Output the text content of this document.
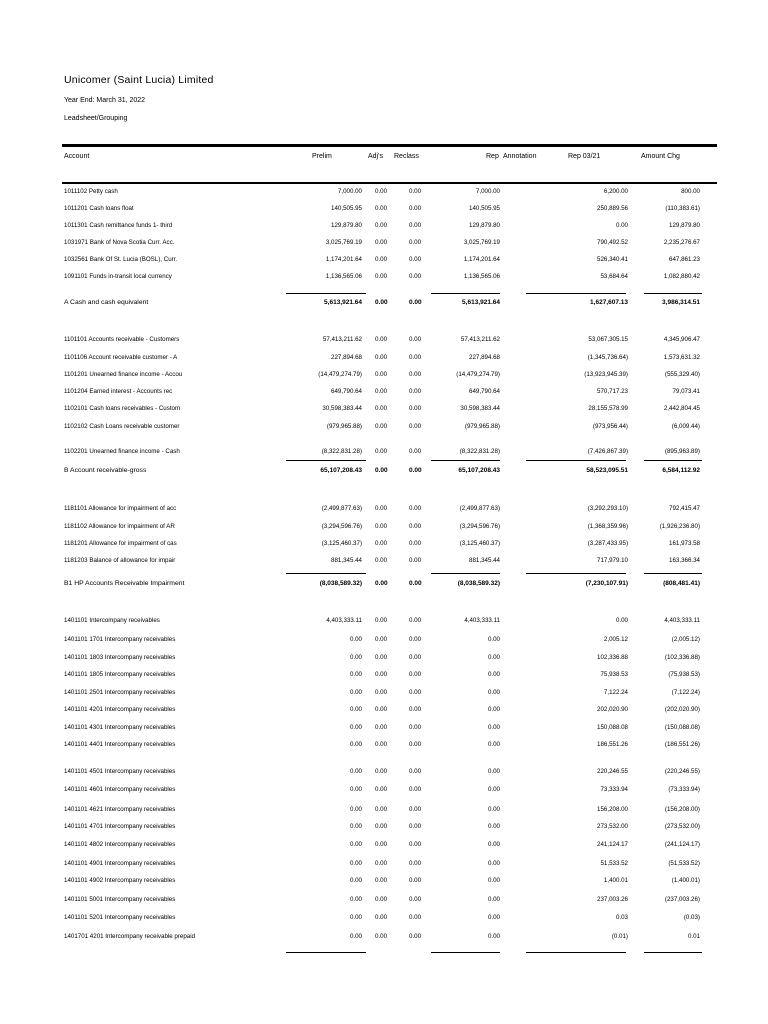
Unicomer (Saint Lucia) Limited
Year End: March 31, 2022
Leadsheet/Grouping
Account	Prelim	Adj's Reclass	Rep Annotation	Rep 03/21	Amount Chg
1011102 Petty cash	7,000.00 0.00	0.00	7,000.00	6,200.00	800.00
1011201 Cash loans float	140,505.95 0.00	0.00	140,505.95	250,889.56	(110,383.61)
1011301 Cash remittance funds 1- third	129,879.80 0.00	0.00	129,879.80	0.00	129,879.80
1031971 Bank of Nova Scotia Curr. Acc.	3,025,769.19 0.00	0.00	3,025,769.19	790,492.52	2,235,276.67
1032561 Bank Of St. Lucia (BOSL), Curr.	1,174,201.64 0.00	0.00	1,174,201.64	526,340.41	647,861.23
1091101 Funds in-transit local currency	1,136,565.06 0.00	0.00	1,136,565.06	53,684.64	1,082,880.42
A Cash and cash equivalent	5,613,921.64 0.00	0.00	5,613,921.64	1,627,607.13	3,986,314.51
1101101 Accounts receivable - Customers	57,413,211.62 0.00	0.00	57,413,211.62	53,067,305.15	4,345,906.47
1101106 Account receivable customer - A	227,894.68 0.00	0.00	227,894.68	(1,345,736.64)	1,573,631.32
1101201 Unearned finance income - Accou	(14,479,274.79) 0.00	0.00	(14,479,274.79)	(13,923,945.39)	(555,329.40)
1101204 Earned interest - Accounts rec	649,790.64 0.00	0.00	649,790.64	570,717.23	79,073.41
1102101 Cash loans receivables - Custom	30,598,383.44 0.00	0.00	30,598,383.44	28,155,578.99	2,442,804.45
1102102 Cash Loans receivable customer	(979,965.88) 0.00	0.00	(979,965.88)	(973,956.44)	(6,009.44)
1102201 Unearned finance income - Cash	(8,322,831.28) 0.00	0.00	(8,322,831.28)	(7,426,867.39)	(895,963.89)
B Account receivable-gross	65,107,208.43 0.00	0.00	65,107,208.43	58,523,095.51	6,584,112.92
1181101 Allowance for impairment of acc	(2,499,877.63) 0.00	0.00	(2,499,877.63)	(3,292,293.10)	792,415.47
1181102 Allowance for impairment of AR	(3,294,596.76) 0.00	0.00	(3,294,596.76)	(1,368,359.96)	(1,926,236.80)
1181201 Allowance for impairment of cas	(3,125,460.37) 0.00	0.00	(3,125,460.37)	(3,287,433.95)	161,973.58
1181203 Balance of allowance for impair	881,345.44 0.00	0.00	881,345.44	717,979.10	163,366.34
B1 HP Accounts Receivable Impairment	(8,038,589.32) 0.00	0.00	(8,038,589.32)	(7,230,107.91)	(808,481.41)
1401101 Intercompany receivables	4,403,333.11 0.00	0.00	4,403,333.11	0.00	4,403,333.11
1401101 1701 Intercompany receivables	0.00 0.00	0.00	0.00	2,005.12	(2,005.12)
1401101 1803 Intercompany receivables	0.00 0.00	0.00	0.00	102,336.88	(102,336.88)
1401101 1805 Intercompany receivables	0.00 0.00	0.00	0.00	75,938.53	(75,938.53)
1401101 2501 Intercompany receivables	0.00 0.00	0.00	0.00	7,122.24	(7,122.24)
1401101 4201 Intercompany receivables	0.00 0.00	0.00	0.00	202,020.90	(202,020.90)
1401101 4301 Intercompany receivables	0.00 0.00	0.00	0.00	150,088.08	(150,088.08)
1401101 4401 Intercompany receivables	0.00 0.00	0.00	0.00	186,551.26	(186,551.26)
1401101 4501 Intercompany receivables	0.00 0.00	0.00	0.00	220,246.55	(220,246.55)
1401101 4601 Intercompany receivables	0.00 0.00	0.00	0.00	73,333.94	(73,333.94)
1401101 4621 Intercompany receivables	0.00 0.00	0.00	0.00	156,208.00	(156,208.00)
1401101 4701 Intercompany receivables	0.00 0.00	0.00	0.00	273,532.00	(273,532.00)
1401101 4802 Intercompany receivables	0.00 0.00	0.00	0.00	241,124.17	(241,124.17)
1401101 4901 Intercompany receivables	0.00 0.00	0.00	0.00	51,533.52	(51,533.52)
1401101 4902 Intercompany receivables	0.00 0.00	0.00	0.00	1,400.01	(1,400.01)
1401101 5001 Intercompany receivables	0.00 0.00	0.00	0.00	237,003.26	(237,003.26)
1401101 5201 Intercompany receivables	0.00 0.00	0.00	0.00	0.03	(0.03)
1401701 4201 Intercompany receivable prepaid	0.00 0.00	0.00	0.00	(0.01)	0.01
